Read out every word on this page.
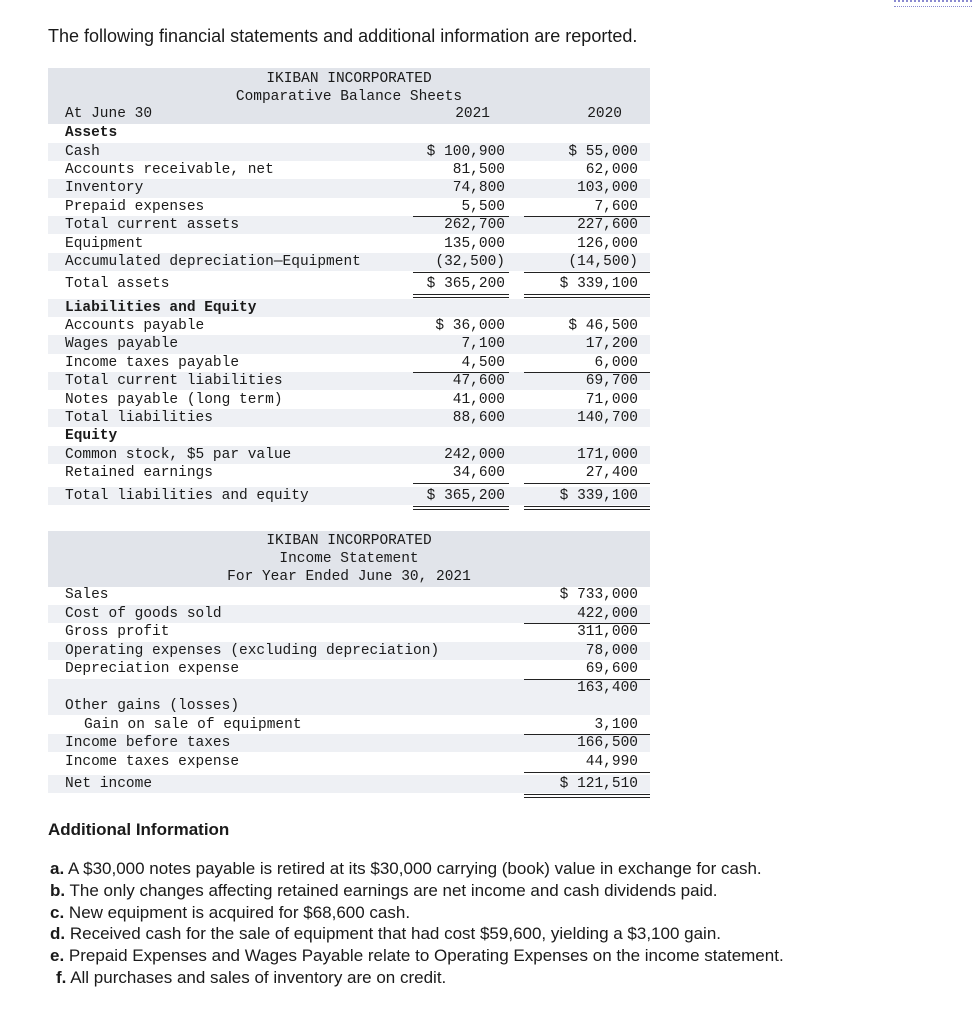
The following financial statements and additional information are reported.
IKIBAN INCORPORATED
Comparative Balance Sheets
At June 30	2021	2020
Assets
Cash	$ 100,900	$ 55,000
Accounts receivable, net	81,500	62,000
Inventory	74,800	103,000
Prepaid expenses	5,500	7,600
Total current assets	262,700	227,600
Equipment	135,000	126,000
Accumulated depreciation—Equipment	(32,500)	(14,500)
Total assets	$ 365,200	$ 339,100
Liabilities and Equity
Accounts payable	$ 36,000	$ 46,500
Wages payable	7,100	17,200
Income taxes payable	4,500	6,000
Total current liabilities	47,600	69,700
Notes payable (long term)	41,000	71,000
Total liabilities	88,600	140,700
Equity
Common stock, $5 par value	242,000	171,000
Retained earnings	34,600	27,400
Total liabilities and equity	$ 365,200	$ 339,100
IKIBAN INCORPORATED
Income Statement
For Year Ended June 30, 2021
Sales	$ 733,000
Cost of goods sold	422,000
Gross profit	311,000
Operating expenses (excluding depreciation)	78,000
Depreciation expense	69,600
163,400
Other gains (losses)
Gain on sale of equipment	3,100
Income before taxes	166,500
Income taxes expense	44,990
Net income	$ 121,510
Additional Information
a. A $30,000 notes payable is retired at its $30,000 carrying (book) value in exchange for cash.
b. The only changes affecting retained earnings are net income and cash dividends paid.
c. New equipment is acquired for $68,600 cash.
d. Received cash for the sale of equipment that had cost $59,600, yielding a $3,100 gain.
e. Prepaid Expenses and Wages Payable relate to Operating Expenses on the income statement.
f. All purchases and sales of inventory are on credit.
